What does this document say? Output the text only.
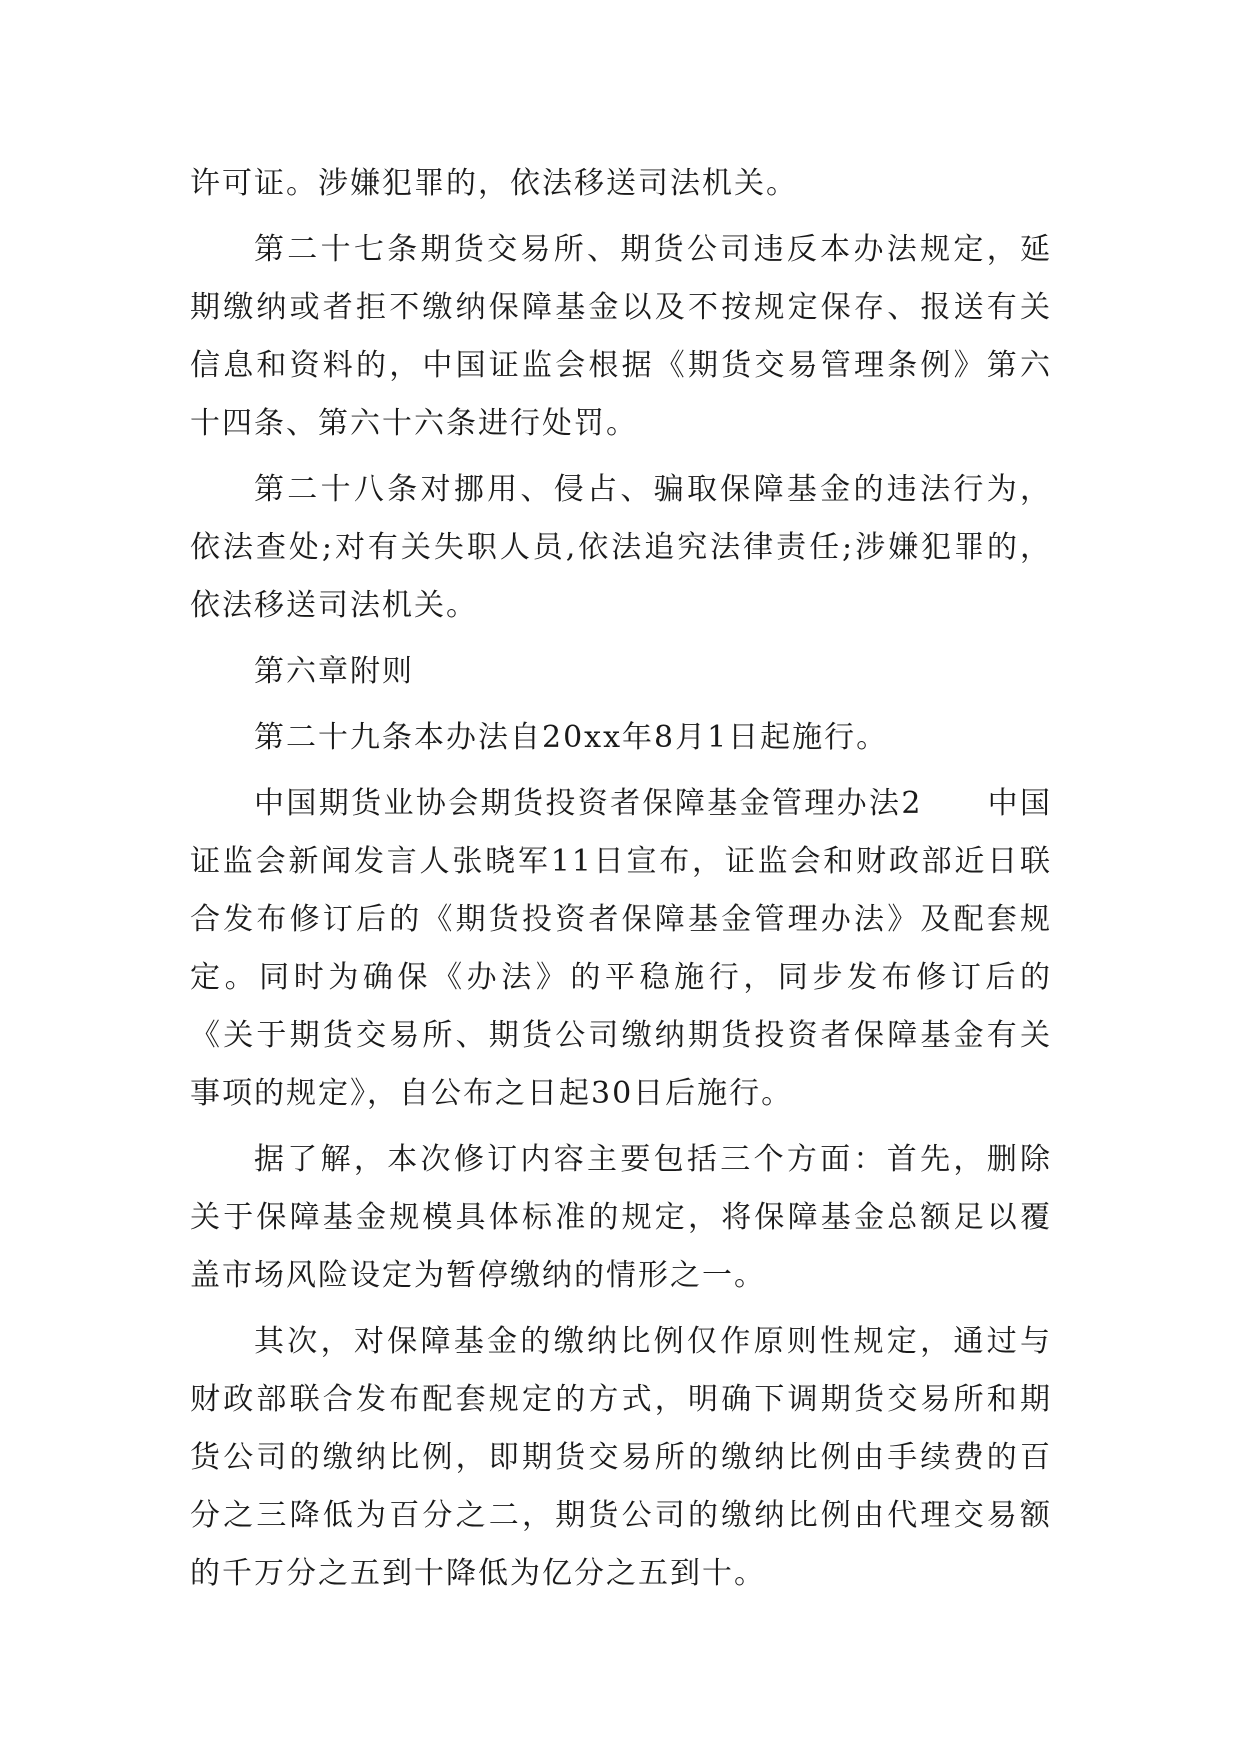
许可证。涉嫌犯罪的，依法移送司法机关。

第二十七条期货交易所、期货公司违反本办法规定，延期缴纳或者拒不缴纳保障基金以及不按规定保存、报送有关信息和资料的，中国证监会根据《期货交易管理条例》第六十四条、第六十六条进行处罚。

第二十八条对挪用、侵占、骗取保障基金的违法行为，依法查处;对有关失职人员,依法追究法律责任;涉嫌犯罪的，依法移送司法机关。

第六章附则

第二十九条本办法自20xx年8月1日起施行。

中国期货业协会期货投资者保障基金管理办法2　　中国证监会新闻发言人张晓军11日宣布，证监会和财政部近日联合发布修订后的《期货投资者保障基金管理办法》及配套规定。同时为确保《办法》的平稳施行，同步发布修订后的《关于期货交易所、期货公司缴纳期货投资者保障基金有关事项的规定》，自公布之日起30日后施行。

据了解，本次修订内容主要包括三个方面：首先，删除关于保障基金规模具体标准的规定，将保障基金总额足以覆盖市场风险设定为暂停缴纳的情形之一。

其次，对保障基金的缴纳比例仅作原则性规定，通过与财政部联合发布配套规定的方式，明确下调期货交易所和期货公司的缴纳比例，即期货交易所的缴纳比例由手续费的百分之三降低为百分之二，期货公司的缴纳比例由代理交易额的千万分之五到十降低为亿分之五到十。
